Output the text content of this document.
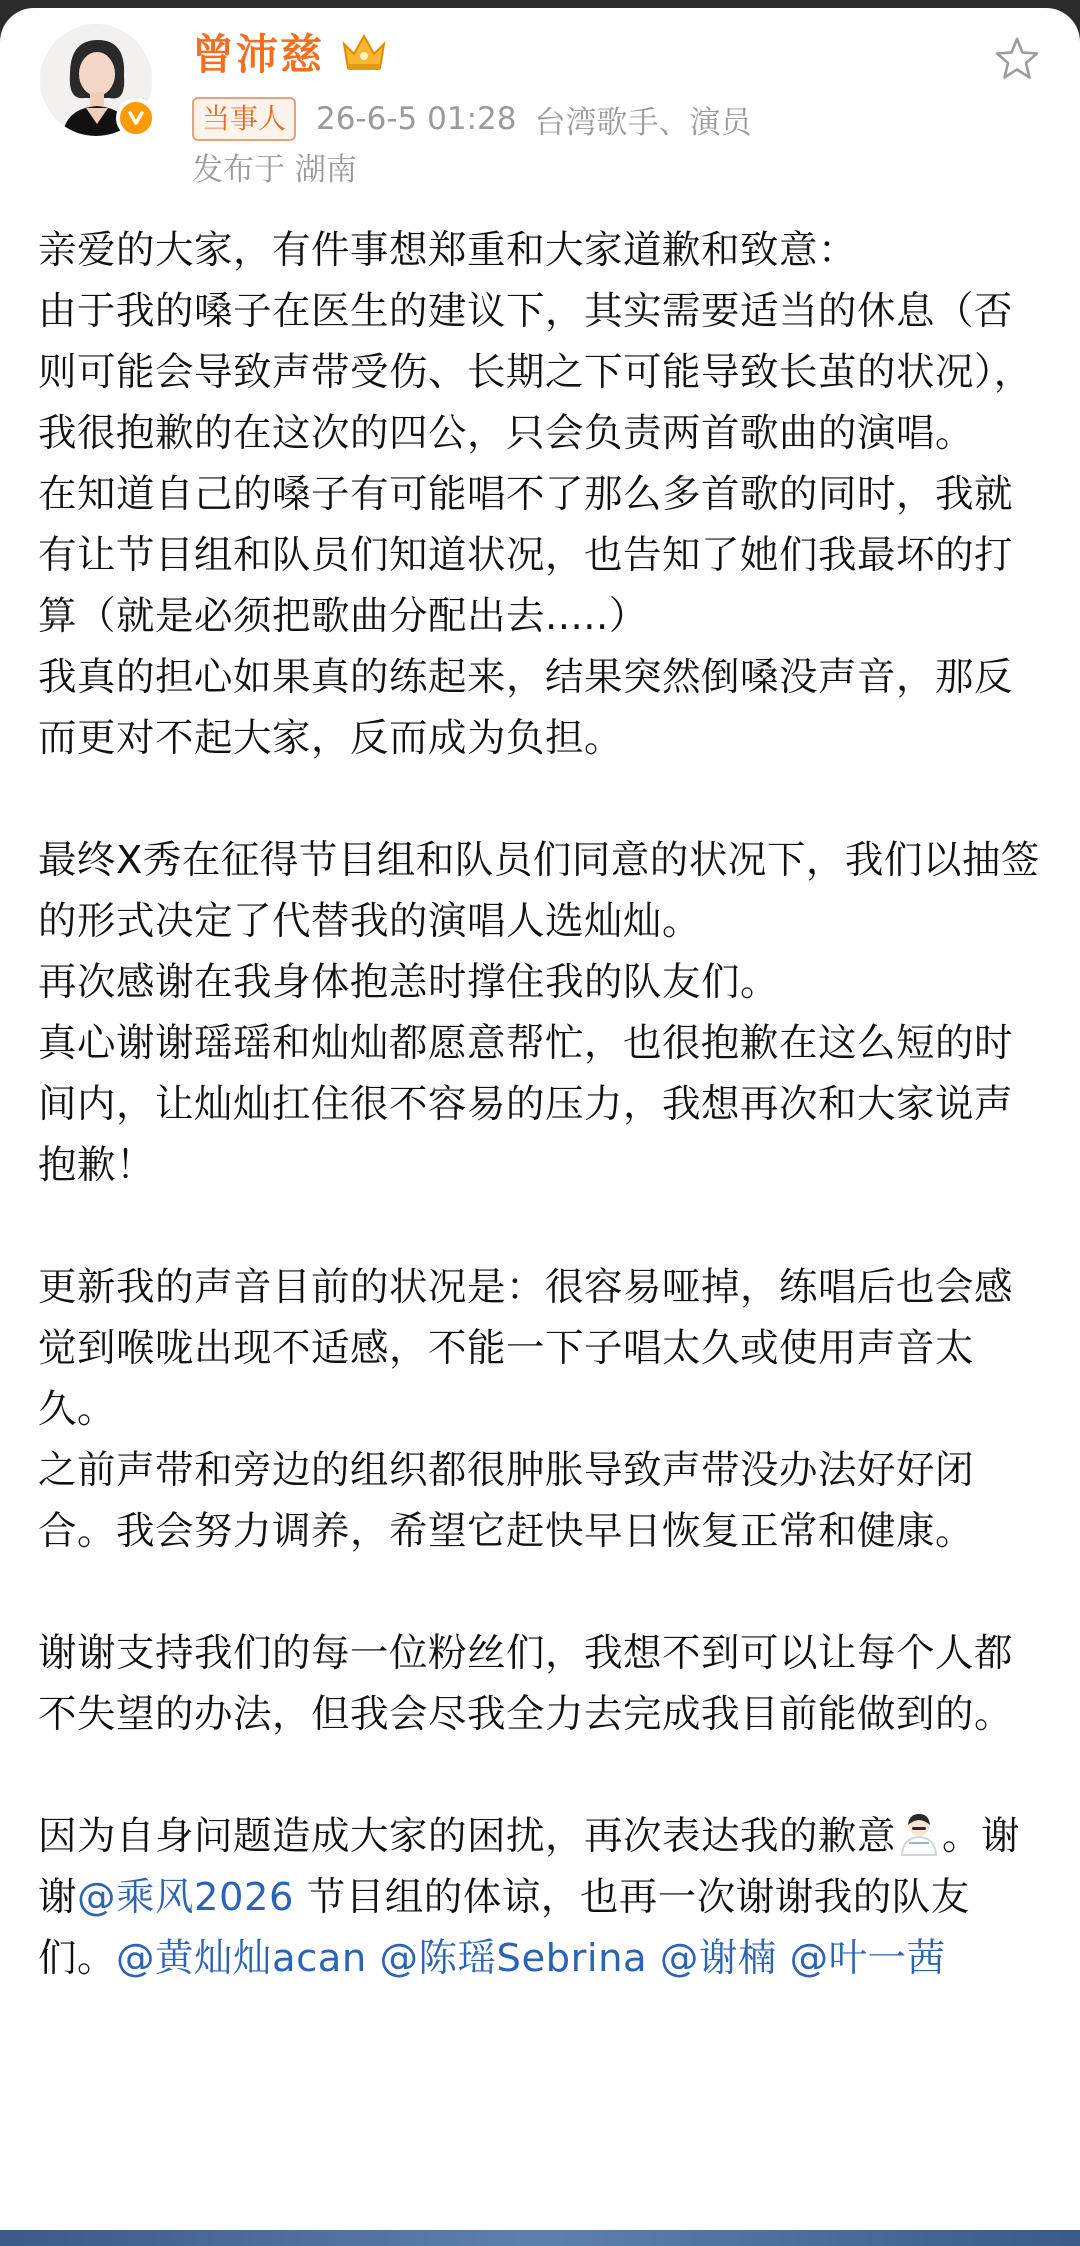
曾沛慈
当事人 26-6-5 01:28 台湾歌手、演员
发布于 湖南

亲爱的大家，有件事想郑重和大家道歉和致意：

由于我的嗓子在医生的建议下，其实需要适当的休息（否则可能会导致声带受伤、长期之下可能导致长茧的状况），我很抱歉的在这次的四公，只会负责两首歌曲的演唱。

在知道自己的嗓子有可能唱不了那么多首歌的同时，我就有让节目组和队员们知道状况，也告知了她们我最坏的打算（就是必须把歌曲分配出去.....）

我真的担心如果真的练起来，结果突然倒嗓没声音，那反而更对不起大家，反而成为负担。

最终X秀在征得节目组和队员们同意的状况下，我们以抽签的形式决定了代替我的演唱人选灿灿。

再次感谢在我身体抱恙时撑住我的队友们。

真心谢谢瑶瑶和灿灿都愿意帮忙，也很抱歉在这么短的时间内，让灿灿扛住很不容易的压力，我想再次和大家说声抱歉！

更新我的声音目前的状况是：很容易哑掉，练唱后也会感觉到喉咙出现不适感，不能一下子唱太久或使用声音太久。

之前声带和旁边的组织都很肿胀导致声带没办法好好闭合。我会努力调养，希望它赶快早日恢复正常和健康。

谢谢支持我们的每一位粉丝们，我想不到可以让每个人都不失望的办法，但我会尽我全力去完成我目前能做到的。

因为自身问题造成大家的困扰，再次表达我的歉意 。谢谢@乘风2026 节目组的体谅，也再一次谢谢我的队友们。@黄灿灿acan @陈瑶Sebrina @谢楠 @叶一茜
